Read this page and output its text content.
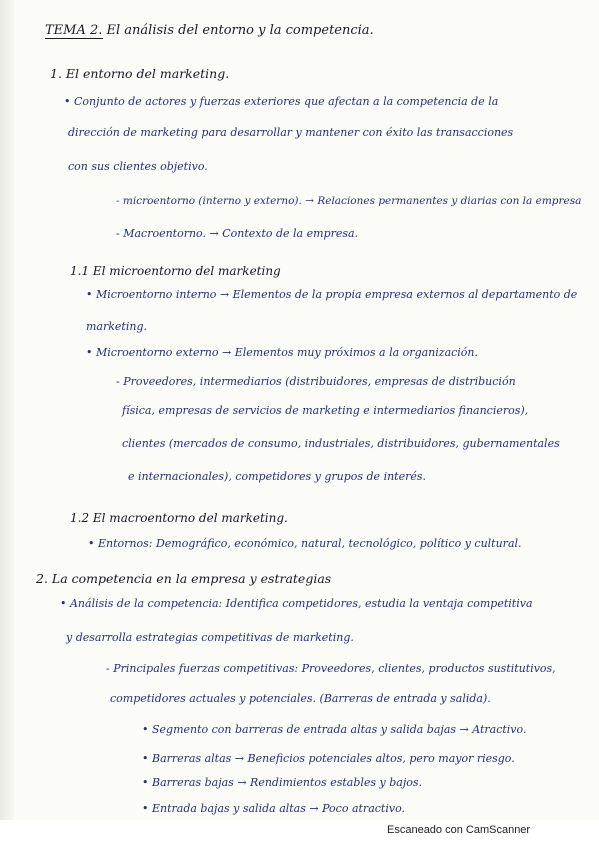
TEMA 2. El análisis del entorno y la competencia.
1. El entorno del marketing.
• Conjunto de actores y fuerzas exteriores que afectan a la competencia de la
dirección de marketing para desarrollar y mantener con éxito las transacciones
con sus clientes objetivo.
- microentorno (interno y externo). → Relaciones permanentes y diarias con la empresa
- Macroentorno. → Contexto de la empresa.
1.1 El microentorno del marketing
• Microentorno interno → Elementos de la propia empresa externos al departamento de
marketing.
• Microentorno externo → Elementos muy próximos a la organización.
- Proveedores, intermediarios (distribuidores, empresas de distribución
física, empresas de servicios de marketing e intermediarios financieros),
clientes (mercados de consumo, industriales, distribuidores, gubernamentales
e internacionales), competidores y grupos de interés.
1.2 El macroentorno del marketing.
• Entornos: Demográfico, económico, natural, tecnológico, político y cultural.
2. La competencia en la empresa y estrategias
• Análisis de la competencia: Identifica competidores, estudia la ventaja competitiva
y desarrolla estrategias competitivas de marketing.
- Principales fuerzas competitivas: Proveedores, clientes, productos sustitutivos,
competidores actuales y potenciales. (Barreras de entrada y salida).
• Segmento con barreras de entrada altas y salida bajas → Atractivo.
• Barreras altas → Beneficios potenciales altos, pero mayor riesgo.
• Barreras bajas → Rendimientos estables y bajos.
• Entrada bajas y salida altas → Poco atractivo.
Escaneado con CamScanner
